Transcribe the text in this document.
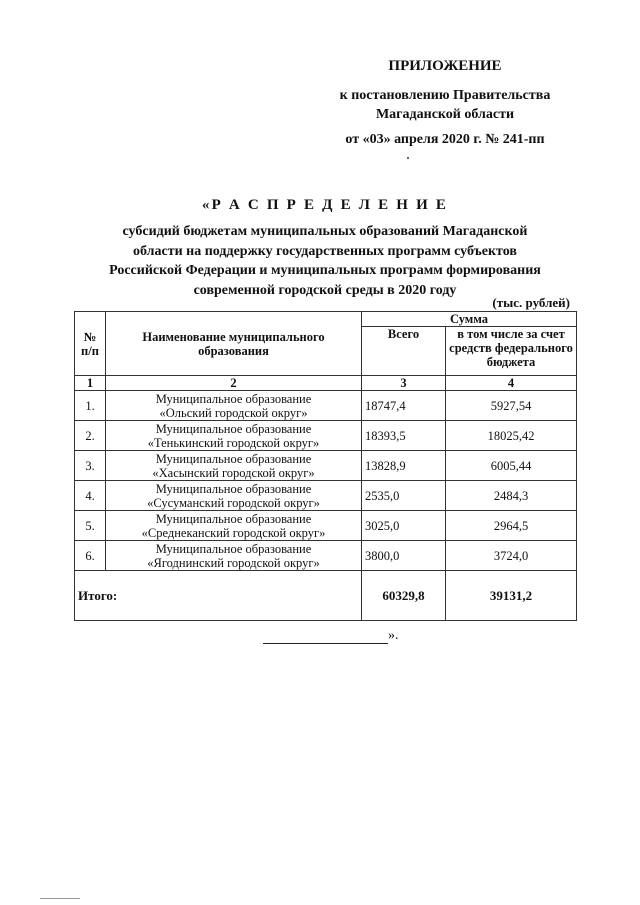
ПРИЛОЖЕНИЕ
к постановлению Правительства
Магаданской области
от «03» апреля 2020 г. № 241-пп
«Р А С П Р Е Д Е Л Е Н И Е
субсидий бюджетам муниципальных образований Магаданской
области на поддержку государственных программ субъектов
Российской Федерации и муниципальных программ формирования
современной городской среды в 2020 году
(тыс. рублей)
№ п/п	Наименование муниципального образования	Сумма	
		Всего	в том числе за счет средств федерального бюджета
1	2	3	4
1.	Муниципальное образование
«Ольский городской округ»	18747,4	5927,54
2.	Муниципальное образование
«Тенькинский городской округ»	18393,5	18025,42
3.	Муниципальное образование
«Хасынский городской округ»	13828,9	6005,44
4.	Муниципальное образование
«Сусуманский городской округ»	2535,0	2484,3
5.	Муниципальное образование
«Среднеканский городской округ»	3025,0	2964,5
6.	Муниципальное образование
«Ягоднинский городской округ»	3800,0	3724,0
Итого:		60329,8	39131,2
».
